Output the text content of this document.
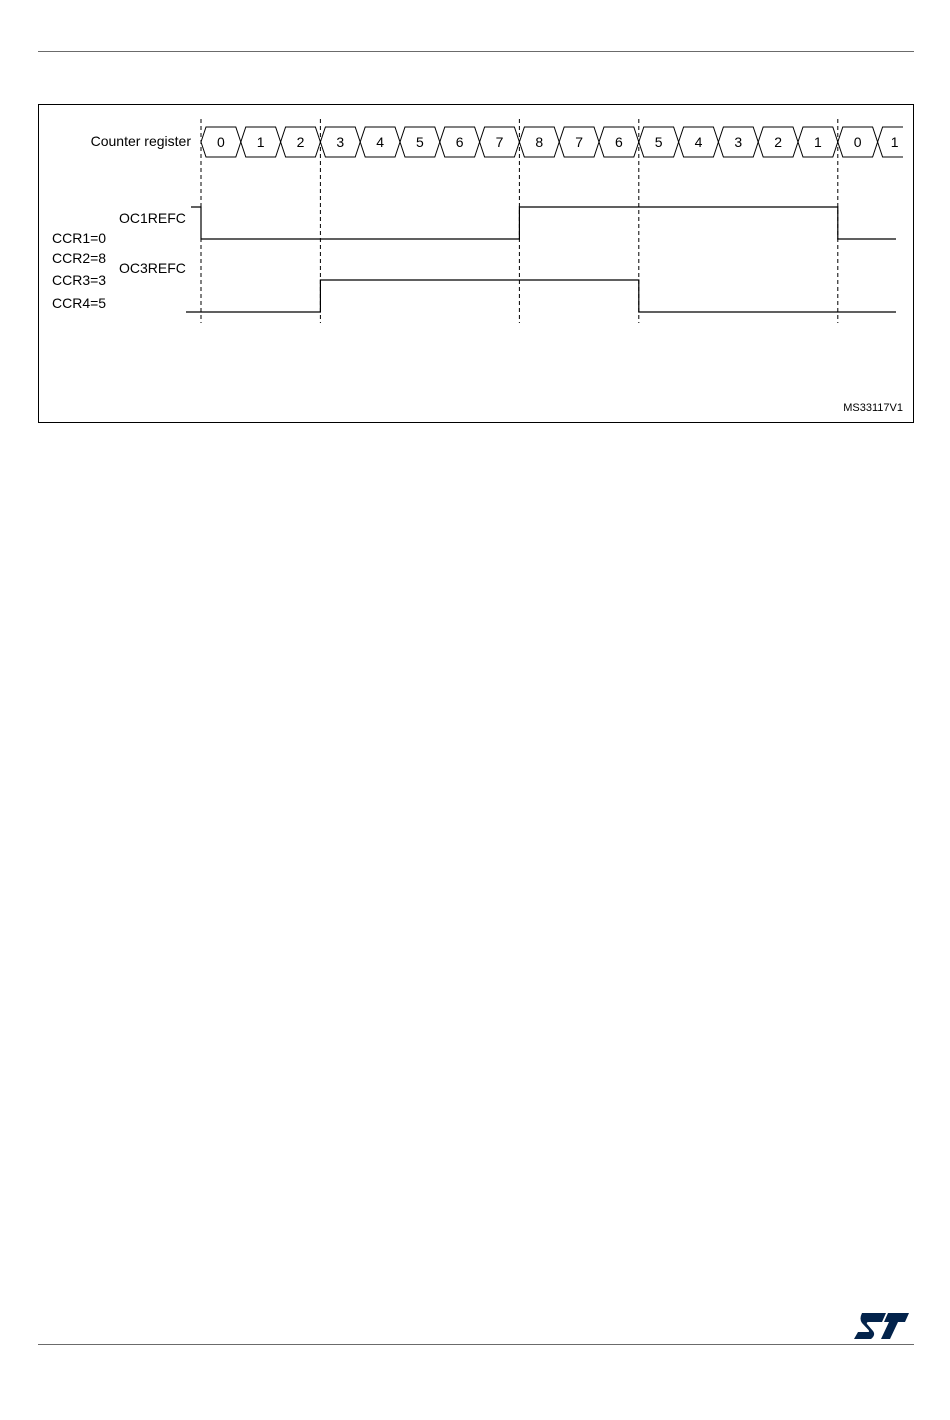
Counter register 0 1 2 3 4 5 6 7 8 7 6 5 4 3 2 1 0 1
OC1REFC
OC3REFC
CCR1=0
CCR2=8
CCR3=3
CCR4=5
MS33117V1
